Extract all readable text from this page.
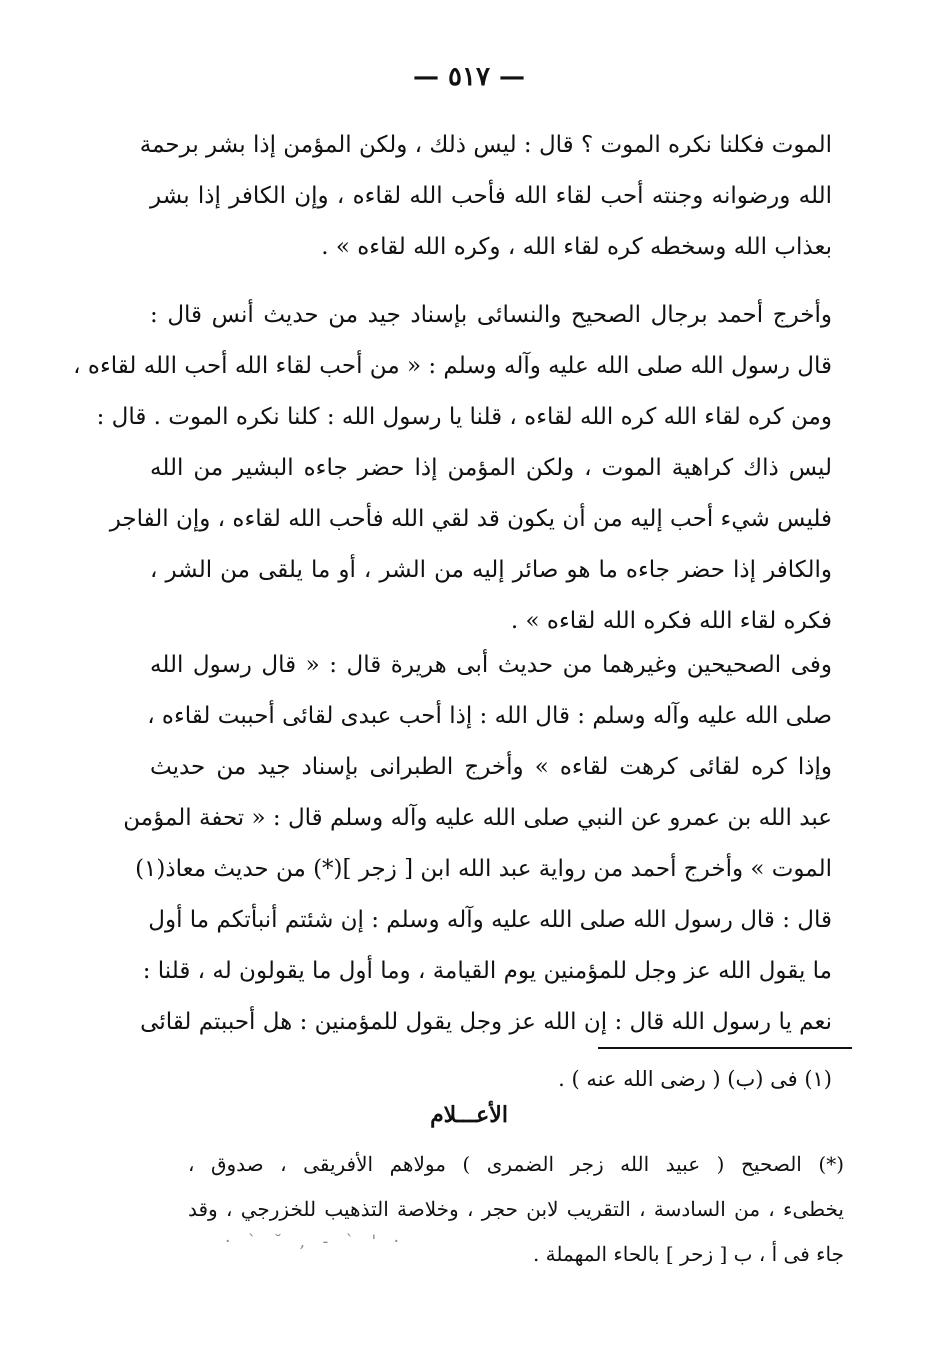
— ٥١٧ —
الموت فكلنا نكره الموت ؟ قال : ليس ذلك ، ولكن المؤمن إذا بشر برحمة
الله ورضوانه وجنته أحب لقاء الله فأحب الله لقاءه ، وإن الكافر إذا بشر
بعذاب الله وسخطه كره لقاء الله ، وكره الله لقاءه » .
وأخرج أحمد برجال الصحيح والنسائى بإسناد جيد من حديث أنس قال :
قال رسول الله صلى الله عليه وآله وسلم : « من أحب لقاء الله أحب الله لقاءه ،
ومن كره لقاء الله كره الله لقاءه ، قلنا يا رسول الله : كلنا نكره الموت . قال :
ليس ذاك كراهية الموت ، ولكن المؤمن إذا حضر جاءه البشير من الله
فليس شيء أحب إليه من أن يكون قد لقي الله فأحب الله لقاءه ، وإن الفاجر
والكافر إذا حضر جاءه ما هو صائر إليه من الشر ، أو ما يلقى من الشر ،
فكره لقاء الله فكره الله لقاءه » .
وفى الصحيحين وغيرهما من حديث أبى هريرة قال : « قال رسول الله
صلى الله عليه وآله وسلم : قال الله : إذا أحب عبدى لقائى أحببت لقاءه ،
وإذا كره لقائى كرهت لقاءه » وأخرج الطبرانى بإسناد جيد من حديث
عبد الله بن عمرو عن النبي صلى الله عليه وآله وسلم قال : « تحفة المؤمن
الموت » وأخرج أحمد من رواية عبد الله ابن [ زجر ](*) من حديث معاذ(١)
قال : قال رسول الله صلى الله عليه وآله وسلم : إن شئتم أنبأتكم ما أول
ما يقول الله عز وجل للمؤمنين يوم القيامة ، وما أول ما يقولون له ، قلنا :
نعم يا رسول الله قال : إن الله عز وجل يقول للمؤمنين : هل أحببتم لقائى
(١) فى (ب) ( رضى الله عنه ) .
الأعـــلام
(*) الصحيح ( عبيد الله زجر الضمرى ) مولاهم الأفريقى ، صدوق ،
يخطىء ، من السادسة ، التقريب لابن حجر ، وخلاصة التذهيب للخزرجي ، وقد
جاء فى أ ، ب [ زحر ] بالحاء المهملة .
· ' ` - , ˘ ` ·
